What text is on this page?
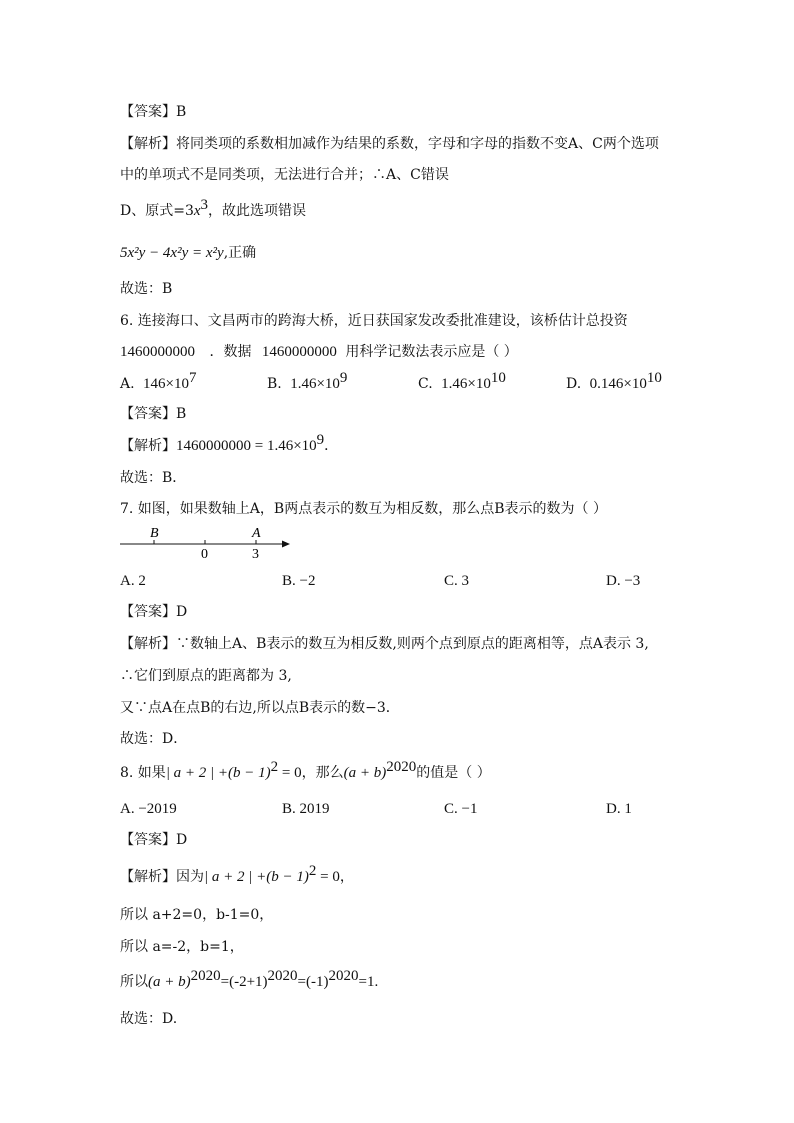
【答案】B
【解析】将同类项的系数相加减作为结果的系数，字母和字母的指数不变A、C两个选项
中的单项式不是同类项，无法进行合并；∴A、C错误
D、原式$=3x^3$，故此选项错误
5x²y − 4x²y = x²y,正确
故选：B
6. 连接海口、文昌两市的跨海大桥，近日获国家发改委批准建设，该桥估计总投资
1460000000 ．数据 1460000000 用科学记数法表示应是（ ）
A. $146\times 10^7$	B. $1.46\times 10^9$	C. $1.46\times 10^{10}$	D. $0.146\times 10^{10}$
【答案】B
【解析】$1460000000 = 1.46\times 10^9$．
故选：B．
7. 如图，如果数轴上A，B两点表示的数互为相反数，那么点B表示的数为（ ）
B
0
A
3
A. 2	B. −2	C. 3	D. −3
【答案】D
【解析】∵数轴上A、B表示的数互为相反数,则两个点到原点的距离相等，点A表示 3,
∴它们到原点的距离都为 3,
又∵点A在点B的右边,所以点B表示的数−3．
故选：D．
8. 如果| a + 2 | $+(b - 1)^2 = 0$，那么$(a + b)^{2020}$的值是（ ）
A. −2019	B. 2019	C. −1	D. 1
【答案】D
【解析】因为| a + 2 | $+(b - 1)^2 = 0$，
所以 a+2=0，b-1=0，
所以 a=-2，b=1，
所以$(a + b)^{2020}=(-2+1)^{2020}=(-1)^{2020}=1$.
故选：D.
